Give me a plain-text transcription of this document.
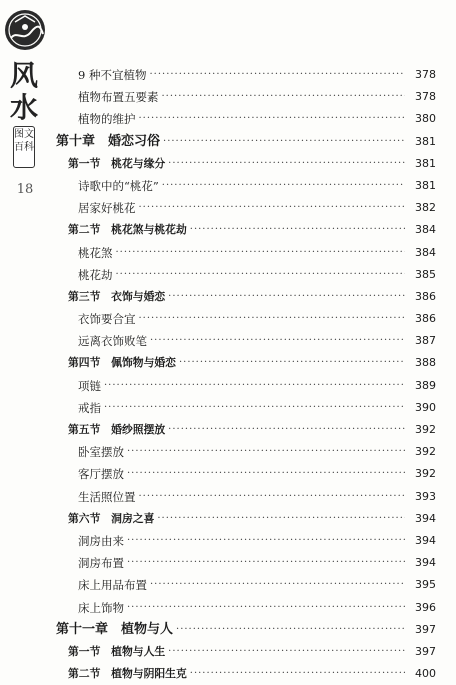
风水
图文百科
18
9 种不宜植物 ·····	378
植物布置五要素 ·····	378
植物的维护 ·····	380
第十章　婚恋习俗 ·····	381
第一节　桃花与缘分 ·····	381
诗歌中的“桃花” ·····	381
居家好桃花 ·····	382
第二节　桃花煞与桃花劫 ·····	384
桃花煞 ·····	384
桃花劫 ·····	385
第三节　衣饰与婚恋 ·····	386
衣饰要合宜 ·····	386
远离衣饰败笔 ·····	387
第四节　佩饰物与婚恋 ·····	388
项链 ·····	389
戒指 ·····	390
第五节　婚纱照摆放 ·····	392
卧室摆放 ·····	392
客厅摆放 ·····	392
生活照位置 ·····	393
第六节　洞房之喜 ·····	394
洞房由来 ·····	394
洞房布置 ·····	394
床上用品布置 ·····	395
床上饰物 ·····	396
第十一章　植物与人 ·····	397
第一节　植物与人生 ·····	397
第二节　植物与阴阳生克 ·····	400
